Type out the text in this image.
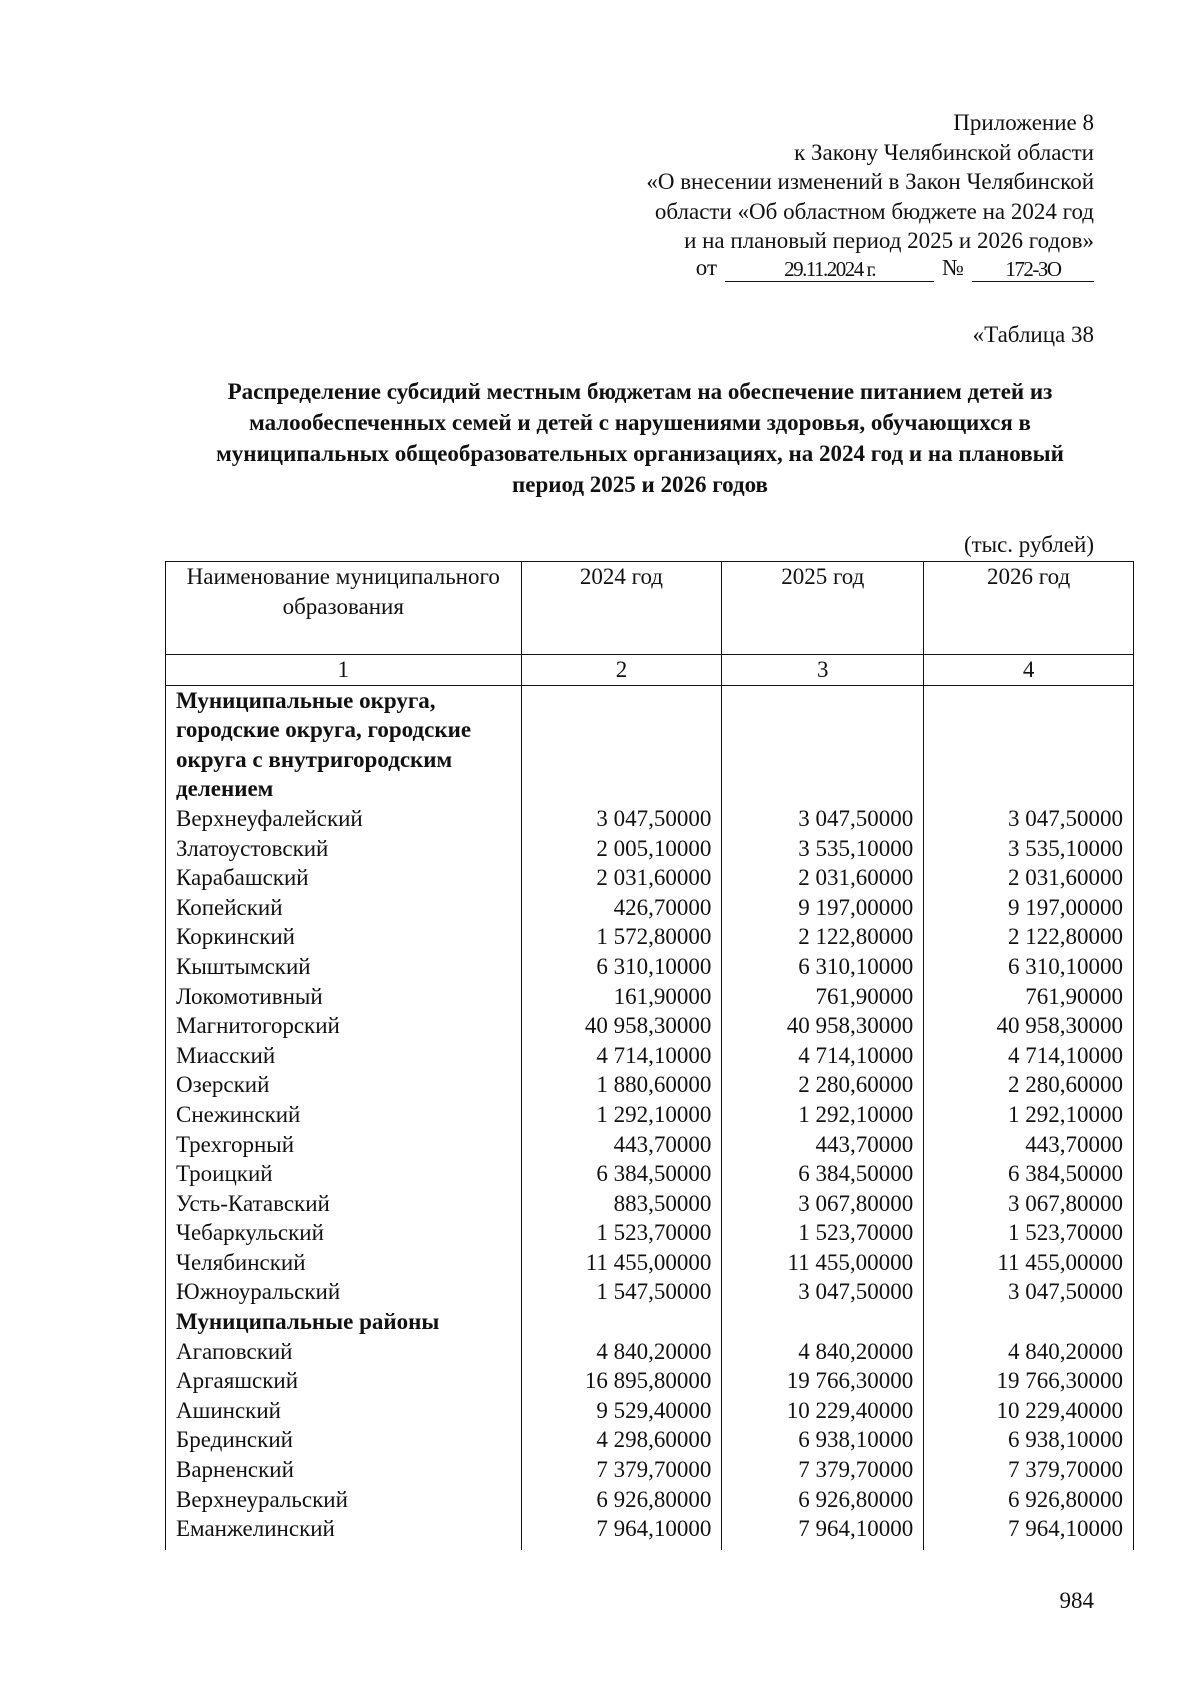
Приложение 8
к Закону Челябинской области
«О внесении изменений в Закон Челябинской
области «Об областном бюджете на 2024 год
и на плановый период 2025 и 2026 годов»
от	29.11.2024 г.	№	172-ЗО
«Таблица 38
Распределение субсидий местным бюджетам на обеспечение питанием детей из
малообеспеченных семей и детей с нарушениями здоровья, обучающихся в
муниципальных общеобразовательных организациях, на 2024 год и на плановый
период 2025 и 2026 годов
(тыс. рублей)
Наименование муниципального образования	2024 год	2025 год	2026 год
1	2	3	4
Муниципальные округа, городские округа, городские округа с внутригородским делением			
Верхнеуфалейский	3 047,50000	3 047,50000	3 047,50000
Златоустовский	2 005,10000	3 535,10000	3 535,10000
Карабашский	2 031,60000	2 031,60000	2 031,60000
Копейский	426,70000	9 197,00000	9 197,00000
Коркинский	1 572,80000	2 122,80000	2 122,80000
Кыштымский	6 310,10000	6 310,10000	6 310,10000
Локомотивный	161,90000	761,90000	761,90000
Магнитогорский	40 958,30000	40 958,30000	40 958,30000
Миасский	4 714,10000	4 714,10000	4 714,10000
Озерский	1 880,60000	2 280,60000	2 280,60000
Снежинский	1 292,10000	1 292,10000	1 292,10000
Трехгорный	443,70000	443,70000	443,70000
Троицкий	6 384,50000	6 384,50000	6 384,50000
Усть-Катавский	883,50000	3 067,80000	3 067,80000
Чебаркульский	1 523,70000	1 523,70000	1 523,70000
Челябинский	11 455,00000	11 455,00000	11 455,00000
Южноуральский	1 547,50000	3 047,50000	3 047,50000
Муниципальные районы			
Агаповский	4 840,20000	4 840,20000	4 840,20000
Аргаяшский	16 895,80000	19 766,30000	19 766,30000
Ашинский	9 529,40000	10 229,40000	10 229,40000
Брединский	4 298,60000	6 938,10000	6 938,10000
Варненский	7 379,70000	7 379,70000	7 379,70000
Верхнеуральский	6 926,80000	6 926,80000	6 926,80000
Еманжелинский	7 964,10000	7 964,10000	7 964,10000

984
